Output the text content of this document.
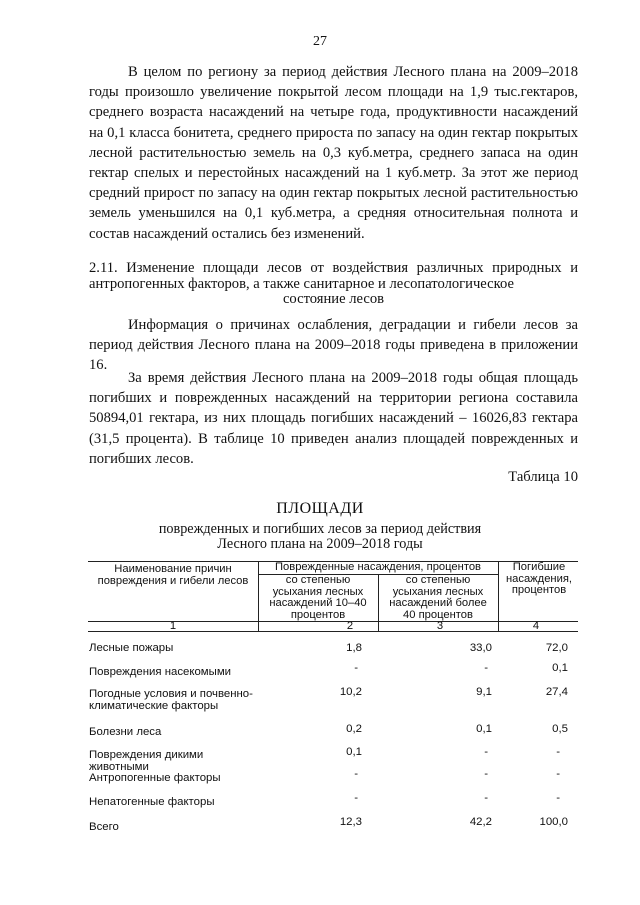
27
В целом по региону за период действия Лесного плана на 2009–2018 годы произошло увеличение покрытой лесом площади на 1,9 тыс.гектаров, среднего возраста насаждений на четыре года, продуктивности насаждений на 0,1 класса бонитета, среднего прироста по запасу на один гектар покрытых лесной растительностью земель на 0,3 куб.метра, среднего запаса на один гектар спелых и перестойных насаждений на 1 куб.метр. За этот же период средний прирост по запасу на один гектар покрытых лесной растительностью земель уменьшился на 0,1 куб.метра, а средняя относительная полнота и состав насаждений остались без изменений.
2.11. Изменение площади лесов от воздействия различных природных и антропогенных факторов, а также санитарное и лесопатологическое
состояние лесов
Информация о причинах ослабления, деградации и гибели лесов за период действия Лесного плана на 2009–2018 годы приведена в приложении 16.
За время действия Лесного плана на 2009–2018 годы общая площадь погибших и поврежденных насаждений на территории региона составила 50894,01 гектара, из них площадь погибших насаждений – 16026,83 гектара (31,5 процента). В таблице 10 приведен анализ площадей поврежденных и погибших лесов.
Таблица 10
ПЛОЩАДИ
поврежденных и погибших лесов за период действия
Лесного плана на 2009–2018 годы
Наименование причин повреждения и гибели лесов
Поврежденные насаждения, процентов
со степенью усыхания лесных насаждений 10–40 процентов
со степенью усыхания лесных насаждений более 40 процентов
Погибшие насаждения, процентов
1	2	3	4
Лесные пожары	1,8	33,0	72,0
Повреждения насекомыми	-	-	0,1
Погодные условия и почвенно-климатические факторы
10,2	9,1	27,4
Болезни леса	0,2	0,1	0,5
Повреждения дикими животными
0,1	-	-
Антропогенные факторы	-	-	-
Непатогенные факторы	-	-	-
Всего	12,3	42,2	100,0
